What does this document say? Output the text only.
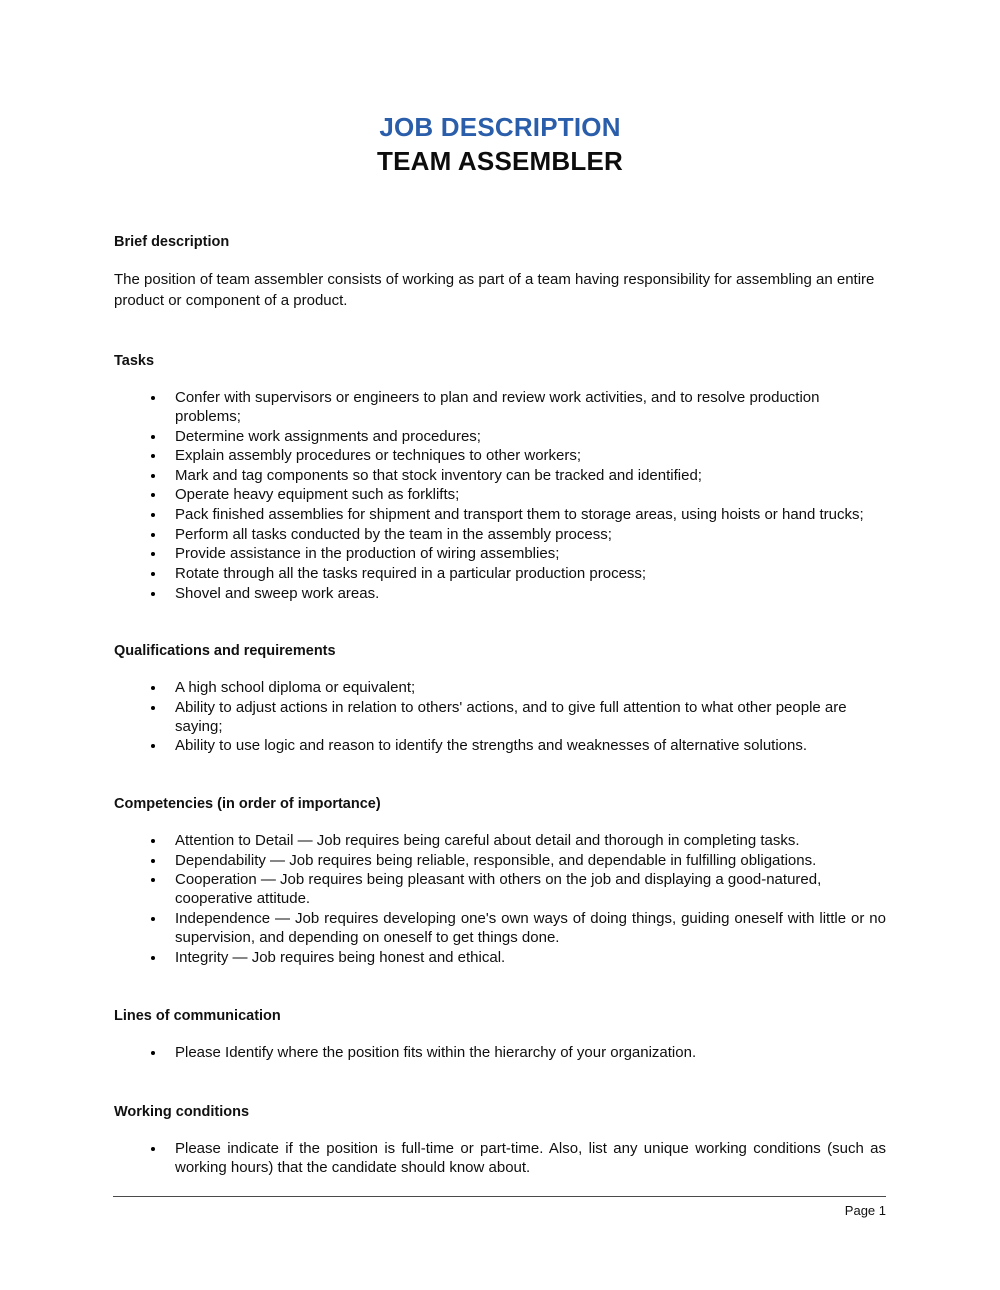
JOB DESCRIPTION
TEAM ASSEMBLER
Brief description

The position of team assembler consists of working as part of a team having responsibility for assembling an entire product or component of a product.

Tasks
Confer with supervisors or engineers to plan and review work activities, and to resolve production problems;
Determine work assignments and procedures;
Explain assembly procedures or techniques to other workers;
Mark and tag components so that stock inventory can be tracked and identified;
Operate heavy equipment such as forklifts;
Pack finished assemblies for shipment and transport them to storage areas, using hoists or hand trucks;
Perform all tasks conducted by the team in the assembly process;
Provide assistance in the production of wiring assemblies;
Rotate through all the tasks required in a particular production process;
Shovel and sweep work areas.
Qualifications and requirements
A high school diploma or equivalent;
Ability to adjust actions in relation to others' actions, and to give full attention to what other people are saying;
Ability to use logic and reason to identify the strengths and weaknesses of alternative solutions.
Competencies (in order of importance)
Attention to Detail — Job requires being careful about detail and thorough in completing tasks.
Dependability — Job requires being reliable, responsible, and dependable in fulfilling obligations.
Cooperation — Job requires being pleasant with others on the job and displaying a good-natured, cooperative attitude.
Independence — Job requires developing one's own ways of doing things, guiding oneself with little or no supervision, and depending on oneself to get things done.
Integrity — Job requires being honest and ethical.
Lines of communication
Please Identify where the position fits within the hierarchy of your organization.
Working conditions
Please indicate if the position is full-time or part-time. Also, list any unique working conditions (such as working hours) that the candidate should know about.
Page 1
